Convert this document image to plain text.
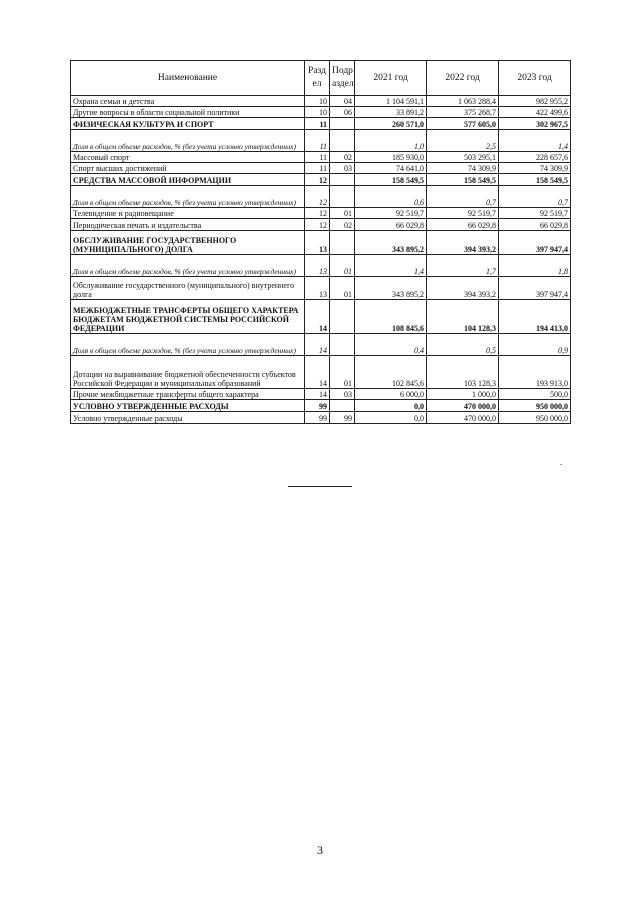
Наименование	Разд ел	Подр аздел	2021 год	2022 год	2023 год
Охрана семьи и детства	10	04	1 104 591,1	1 063 288,4	982 955,2
Другие вопросы в области социальной политики	10	06	33 891,2	375 268,7	422 499,6
ФИЗИЧЕСКАЯ КУЛЬТУРА И СПОРТ	11		260 571,0	577 605,0	302 967,5
Доля в общем объеме расходов, % (без учета условно утвержденных)	11		1,0	2,5	1,4
Массовый спорт	11	02	185 930,0	503 295,1	228 657,6
Спорт высших достижений	11	03	74 641,0	74 309,9	74 309,9
СРЕДСТВА МАССОВОЙ ИНФОРМАЦИИ	12		158 549,5	158 549,5	158 549,5
Доля в общем объеме расходов, % (без учета условно утвержденных)	12		0,6	0,7	0,7
Телевидение и радиовещание	12	01	92 519,7	92 519,7	92 519,7
Периодическая печать и издательства	12	02	66 029,8	66 029,8	66 029,8
ОБСЛУЖИВАНИЕ ГОСУДАРСТВЕННОГО (МУНИЦИПАЛЬНОГО) ДОЛГА	13		343 895,2	394 393,2	397 947,4
Доля в общем объеме расходов, % (без учета условно утвержденных)	13	01	1,4	1,7	1,8
Обслуживание государственного (муниципального) внутреннего долга	13	01	343 895,2	394 393,2	397 947,4
МЕЖБЮДЖЕТНЫЕ ТРАНСФЕРТЫ ОБЩЕГО ХАРАКТЕРА БЮДЖЕТАМ БЮДЖЕТНОЙ СИСТЕМЫ РОССИЙСКОЙ ФЕДЕРАЦИИ	14		108 845,6	104 128,3	194 413,0
Доля в общем объеме расходов, % (без учета условно утвержденных)	14		0,4	0,5	0,9
Дотации на выравнивание бюджетной обеспеченности субъектов Российской Федерации и муниципальных образований	14	01	102 845,6	103 128,3	193 913,0
Прочие межбюджетные трансферты общего характера	14	03	6 000,0	1 000,0	500,0
УСЛОВНО УТВЕРЖДЕННЫЕ РАСХОДЫ	99		0,0	470 000,0	950 000,0
Условно утвержденные расходы	99	99	0,0	470 000,0	950 000,0
.
3
